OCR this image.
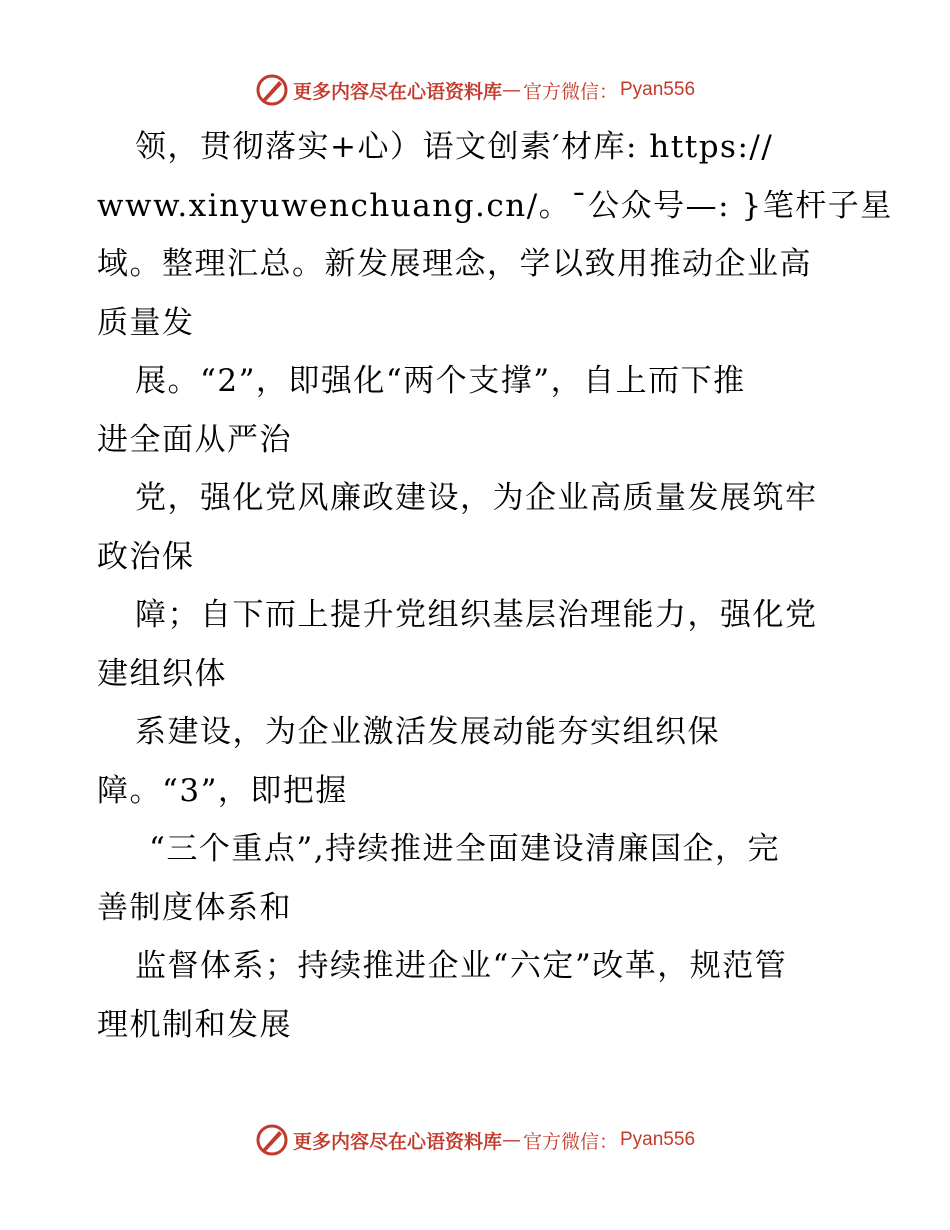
更多内容尽在心语资料库 — 官方微信： Pyan556
领，贯彻落实+心）语文创素′材库: https://
www.xinyuwenchuang.cn/。¯公众号—: }笔杆子星
域。整理汇总。新发展理念，学以致用推动企业高
质量发
展。“2”，即强化“两个支撑”，自上而下推
进全面从严治
党，强化党风廉政建设，为企业高质量发展筑牢
政治保
障；自下而上提升党组织基层治理能力，强化党
建组织体
系建设，为企业激活发展动能夯实组织保
障。“3”，即把握
“三个重点”,持续推进全面建设清廉国企，完
善制度体系和
监督体系；持续推进企业“六定”改革，规范管
理机制和发展
更多内容尽在心语资料库 — 官方微信： Pyan556
